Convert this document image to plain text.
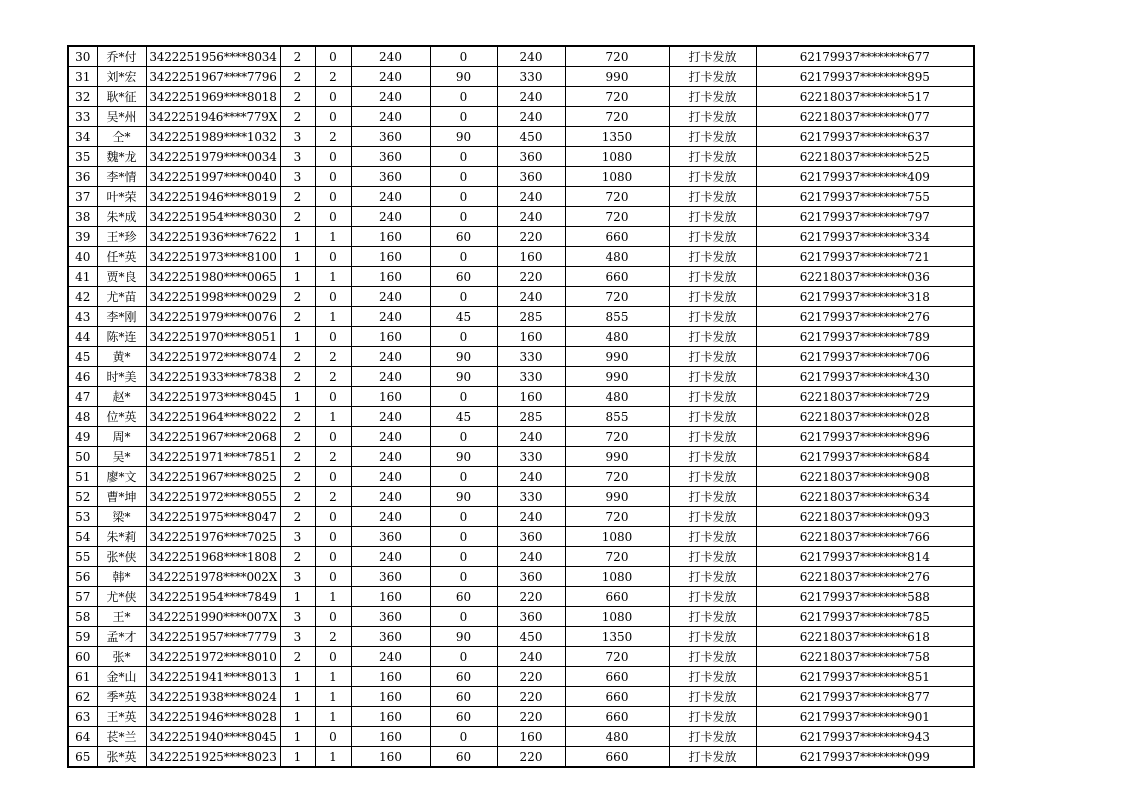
30	乔*付	3422251956****8034	2	0	240	0	240	720	打卡发放	62179937********677
31	刘*宏	3422251967****7796	2	2	240	90	330	990	打卡发放	62179937********895
32	耿*征	3422251969****8018	2	0	240	0	240	720	打卡发放	62218037********517
33	吴*州	3422251946****779X	2	0	240	0	240	720	打卡发放	62218037********077
34	仝*	3422251989****1032	3	2	360	90	450	1350	打卡发放	62179937********637
35	魏*龙	3422251979****0034	3	0	360	0	360	1080	打卡发放	62218037********525
36	李*情	3422251997****0040	3	0	360	0	360	1080	打卡发放	62179937********409
37	叶*荣	3422251946****8019	2	0	240	0	240	720	打卡发放	62179937********755
38	朱*成	3422251954****8030	2	0	240	0	240	720	打卡发放	62179937********797
39	王*珍	3422251936****7622	1	1	160	60	220	660	打卡发放	62179937********334
40	任*英	3422251973****8100	1	0	160	0	160	480	打卡发放	62179937********721
41	贾*良	3422251980****0065	1	1	160	60	220	660	打卡发放	62218037********036
42	尤*苗	3422251998****0029	2	0	240	0	240	720	打卡发放	62179937********318
43	李*刚	3422251979****0076	2	1	240	45	285	855	打卡发放	62179937********276
44	陈*连	3422251970****8051	1	0	160	0	160	480	打卡发放	62179937********789
45	黄*	3422251972****8074	2	2	240	90	330	990	打卡发放	62179937********706
46	时*美	3422251933****7838	2	2	240	90	330	990	打卡发放	62179937********430
47	赵*	3422251973****8045	1	0	160	0	160	480	打卡发放	62218037********729
48	位*英	3422251964****8022	2	1	240	45	285	855	打卡发放	62218037********028
49	周*	3422251967****2068	2	0	240	0	240	720	打卡发放	62179937********896
50	吴*	3422251971****7851	2	2	240	90	330	990	打卡发放	62179937********684
51	廖*文	3422251967****8025	2	0	240	0	240	720	打卡发放	62218037********908
52	曹*坤	3422251972****8055	2	2	240	90	330	990	打卡发放	62218037********634
53	梁*	3422251975****8047	2	0	240	0	240	720	打卡发放	62218037********093
54	朱*莉	3422251976****7025	3	0	360	0	360	1080	打卡发放	62218037********766
55	张*侠	3422251968****1808	2	0	240	0	240	720	打卡发放	62179937********814
56	韩*	3422251978****002X	3	0	360	0	360	1080	打卡发放	62218037********276
57	尤*侠	3422251954****7849	1	1	160	60	220	660	打卡发放	62179937********588
58	王*	3422251990****007X	3	0	360	0	360	1080	打卡发放	62179937********785
59	孟*才	3422251957****7779	3	2	360	90	450	1350	打卡发放	62218037********618
60	张*	3422251972****8010	2	0	240	0	240	720	打卡发放	62218037********758
61	金*山	3422251941****8013	1	1	160	60	220	660	打卡发放	62179937********851
62	季*英	3422251938****8024	1	1	160	60	220	660	打卡发放	62179937********877
63	王*英	3422251946****8028	1	1	160	60	220	660	打卡发放	62179937********901
64	苌*兰	3422251940****8045	1	0	160	0	160	480	打卡发放	62179937********943
65	张*英	3422251925****8023	1	1	160	60	220	660	打卡发放	62179937********099
